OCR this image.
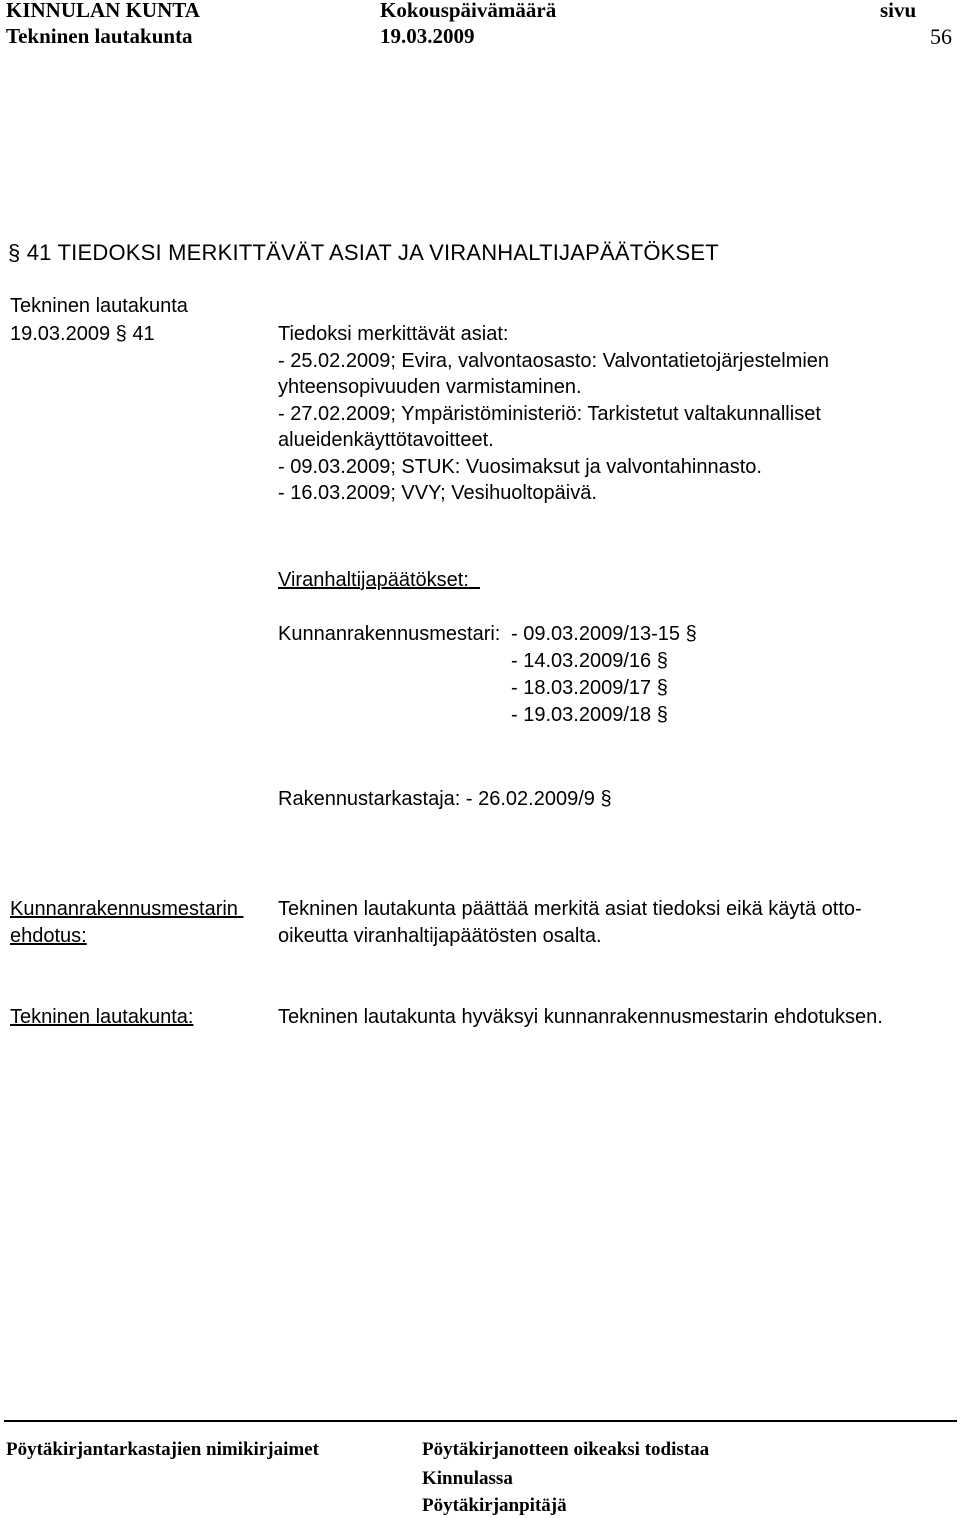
KINNULAN KUNTA	Kokouspäivämäärä	sivu
Tekninen lautakunta	19.03.2009	56
§ 41 TIEDOKSI MERKITTÄVÄT ASIAT JA VIRANHALTIJAPÄÄTÖKSET
Tekninen lautakunta
19.03.2009 § 41	Tiedoksi merkittävät asiat:
- 25.02.2009; Evira, valvontaosasto: Valvontatietojärjestelmien
yhteensopivuuden varmistaminen.
- 27.02.2009; Ympäristöministeriö: Tarkistetut valtakunnalliset
alueidenkäyttötavoitteet.
- 09.03.2009; STUK: Vuosimaksut ja valvontahinnasto.
- 16.03.2009; VVY; Vesihuoltopäivä.
Viranhaltijapäätökset:
Kunnanrakennusmestari: - 09.03.2009/13-15 §
- 14.03.2009/16 §
- 18.03.2009/17 §
- 19.03.2009/18 §
Rakennustarkastaja: - 26.02.2009/9 §
Kunnanrakennusmestarin
ehdotus:
Tekninen lautakunta päättää merkitä asiat tiedoksi eikä käytä otto-
oikeutta viranhaltijapäätösten osalta.
Tekninen lautakunta:	Tekninen lautakunta hyväksyi kunnanrakennusmestarin ehdotuksen.
Pöytäkirjantarkastajien nimikirjaimet	Pöytäkirjanotteen oikeaksi todistaa
Kinnulassa
Pöytäkirjanpitäjä
